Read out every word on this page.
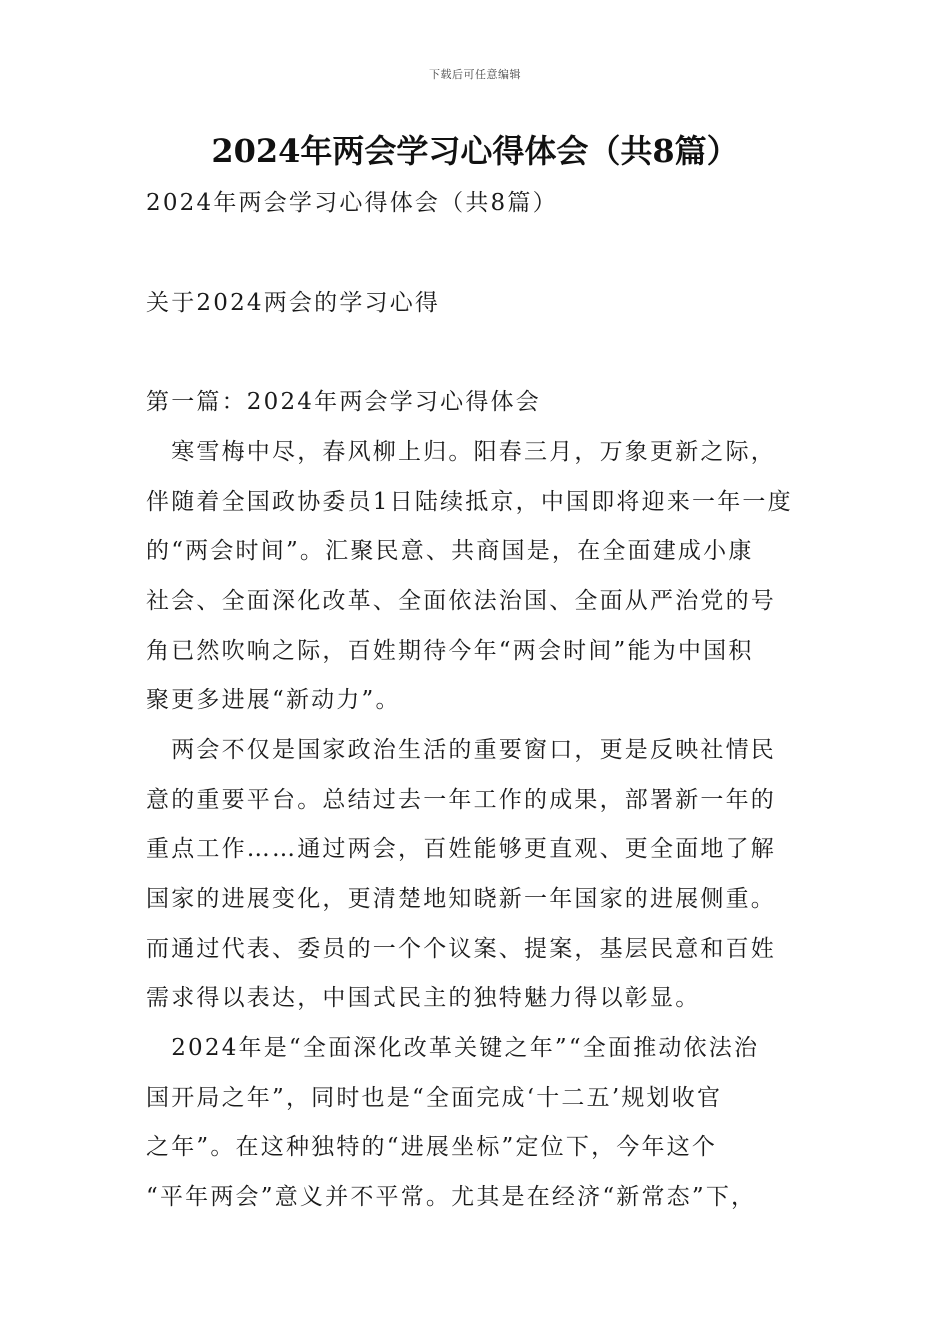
下载后可任意编辑
2024年两会学习心得体会（共8篇）
2024年两会学习心得体会（共8篇）
关于2024两会的学习心得
第一篇：2024年两会学习心得体会
　寒雪梅中尽，春风柳上归。阳春三月，万象更新之际，
伴随着全国政协委员1日陆续抵京，中国即将迎来一年一度
的“两会时间”。汇聚民意、共商国是，在全面建成小康
社会、全面深化改革、全面依法治国、全面从严治党的号
角已然吹响之际，百姓期待今年“两会时间”能为中国积
聚更多进展“新动力”。
　两会不仅是国家政治生活的重要窗口，更是反映社情民
意的重要平台。总结过去一年工作的成果，部署新一年的
重点工作……通过两会，百姓能够更直观、更全面地了解
国家的进展变化，更清楚地知晓新一年国家的进展侧重。
而通过代表、委员的一个个议案、提案，基层民意和百姓
需求得以表达，中国式民主的独特魅力得以彰显。
　2024年是“全面深化改革关键之年”“全面推动依法治
国开局之年”，同时也是“全面完成‘十二五’规划收官
之年”。在这种独特的“进展坐标”定位下，今年这个
“平年两会”意义并不平常。尤其是在经济“新常态”下，
